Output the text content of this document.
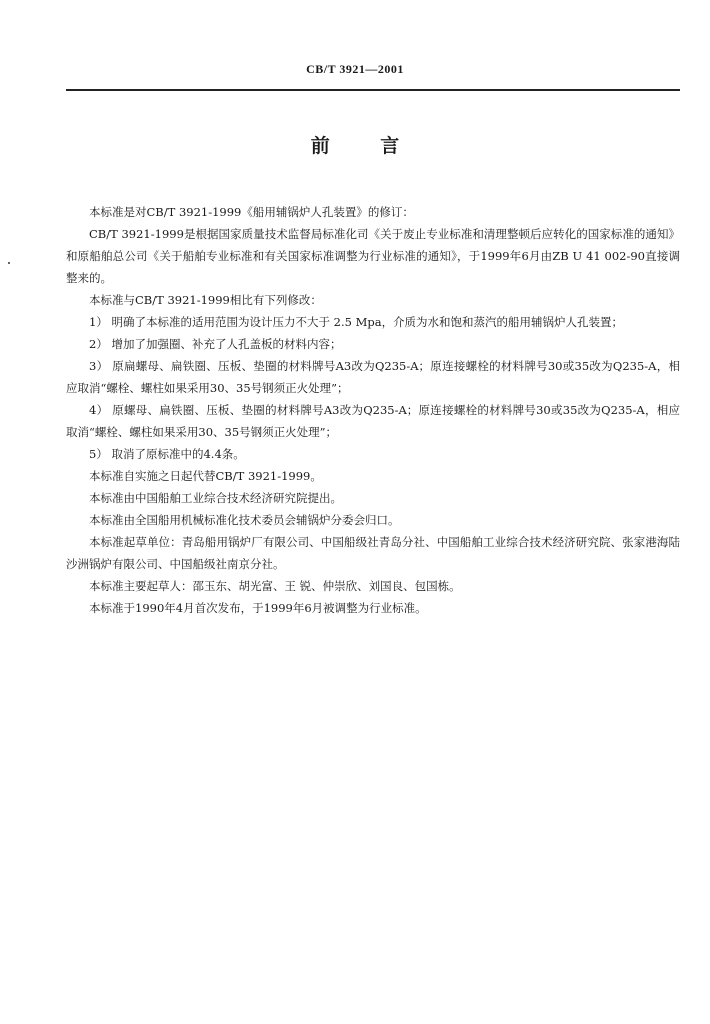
CB/T 3921—2001
前 言

本标准是对CB/T 3921-1999《船用辅锅炉人孔装置》的修订：

CB/T 3921-1999是根据国家质量技术监督局标准化司《关于废止专业标准和清理整顿后应转化的国家标准的通知》和原船舶总公司《关于船舶专业标准和有关国家标准调整为行业标准的通知》，于1999年6月由ZB U 41 002-90直接调整来的。

本标准与CB/T 3921-1999相比有下列修改：

1） 明确了本标准的适用范围为设计压力不大于 2.5 Mpa，介质为水和饱和蒸汽的船用辅锅炉人孔装置；

2） 增加了加强圈、补充了人孔盖板的材料内容；

3） 原扁螺母、扁铁圈、压板、垫圈的材料牌号A3改为Q235-A；原连接螺栓的材料牌号30或35改为Q235-A，相应取消“螺栓、螺柱如果采用30、35号钢须正火处理”；

4） 原螺母、扁铁圈、压板、垫圈的材料牌号A3改为Q235-A；原连接螺栓的材料牌号30或35改为Q235-A，相应取消“螺栓、螺柱如果采用30、35号钢须正火处理”；

5） 取消了原标准中的4.4条。

本标准自实施之日起代替CB/T 3921-1999。

本标准由中国船舶工业综合技术经济研究院提出。

本标准由全国船用机械标准化技术委员会辅锅炉分委会归口。

本标准起草单位：青岛船用锅炉厂有限公司、中国船级社青岛分社、中国船舶工业综合技术经济研究院、张家港海陆沙洲锅炉有限公司、中国船级社南京分社。

本标准主要起草人：邵玉东、胡光富、王 锐、仲崇欣、刘国良、包国栋。

本标准于1990年4月首次发布，于1999年6月被调整为行业标准。
